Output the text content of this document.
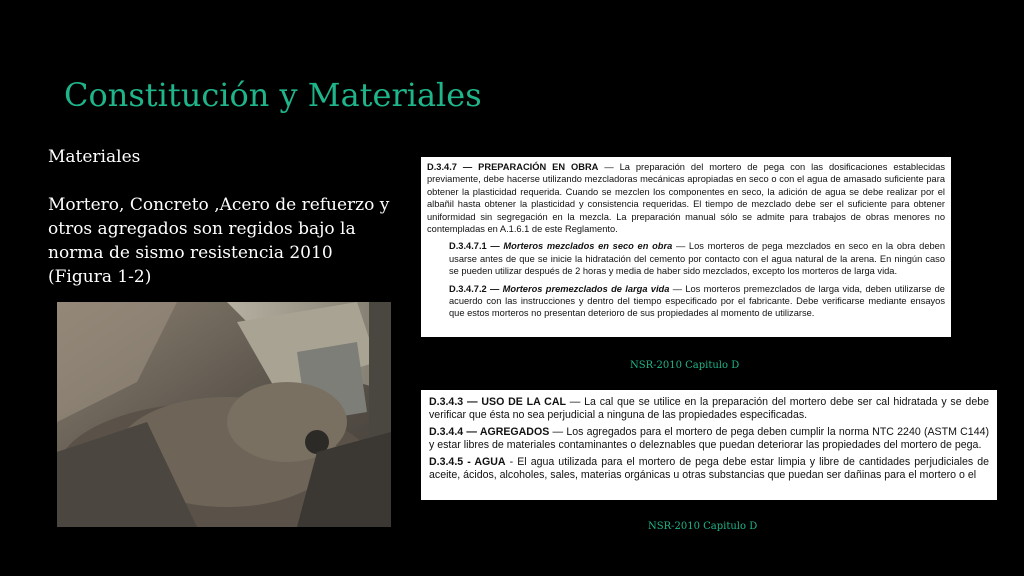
Constitución y Materiales
Materiales
Mortero, Concreto ,Acero de refuerzo y otros agregados son regidos bajo la norma de sismo resistencia 2010 (Figura 1-2)

D.3.4.7 — PREPARACIÓN EN OBRA — La preparación del mortero de pega con las dosificaciones establecidas previamente, debe hacerse utilizando mezcladoras mecánicas apropiadas en seco o con el agua de amasado suficiente para obtener la plasticidad requerida. Cuando se mezclen los componentes en seco, la adición de agua se debe realizar por el albañil hasta obtener la plasticidad y consistencia requeridas. El tiempo de mezclado debe ser el suficiente para obtener uniformidad sin segregación en la mezcla. La preparación manual sólo se admite para trabajos de obras menores no contempladas en A.1.6.1 de este Reglamento.

D.3.4.7.1 — Morteros mezclados en seco en obra — Los morteros de pega mezclados en seco en la obra deben usarse antes de que se inicie la hidratación del cemento por contacto con el agua natural de la arena. En ningún caso se pueden utilizar después de 2 horas y media de haber sido mezclados, excepto los morteros de larga vida.

D.3.4.7.2 — Morteros premezclados de larga vida — Los morteros premezclados de larga vida, deben utilizarse de acuerdo con las instrucciones y dentro del tiempo especificado por el fabricante. Debe verificarse mediante ensayos que estos morteros no presentan deterioro de sus propiedades al momento de utilizarse.

NSR-2010 Capitulo D

D.3.4.3 — USO DE LA CAL — La cal que se utilice en la preparación del mortero debe ser cal hidratada y se debe verificar que ésta no sea perjudicial a ninguna de las propiedades especificadas.

D.3.4.4 — AGREGADOS — Los agregados para el mortero de pega deben cumplir la norma NTC 2240 (ASTM C144) y estar libres de materiales contaminantes o deleznables que puedan deteriorar las propiedades del mortero de pega.

D.3.4.5 - AGUA - El agua utilizada para el mortero de pega debe estar limpia y libre de cantidades perjudiciales de aceite, ácidos, alcoholes, sales, materias orgánicas u otras substancias que puedan ser dañinas para el mortero o el

NSR-2010 Capitulo D
